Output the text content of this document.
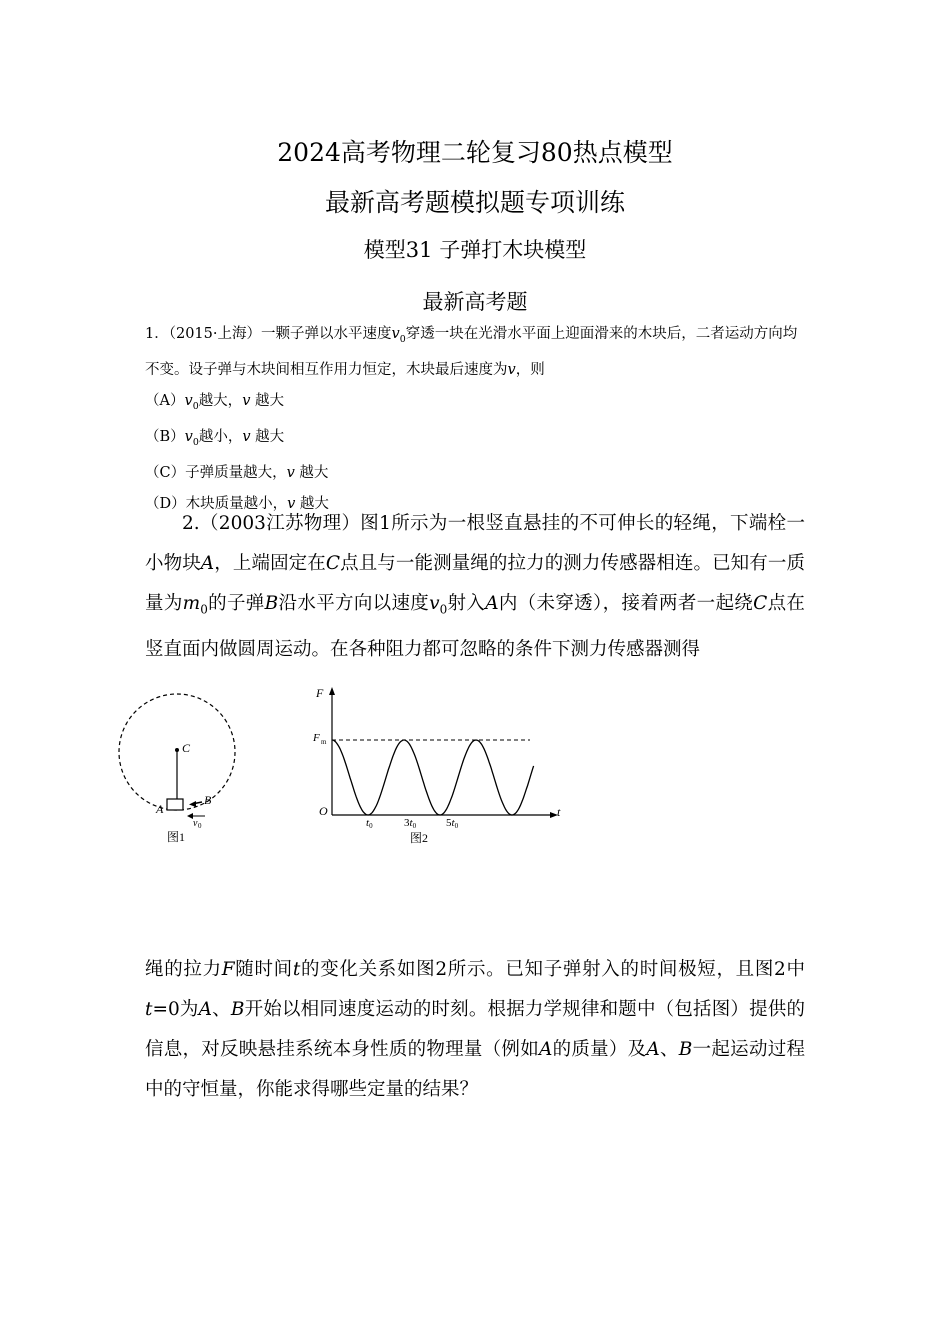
2024高考物理二轮复习80热点模型
最新高考题模拟题专项训练
模型31 子弹打木块模型
最新高考题

1．（2015·上海）一颗子弹以水平速度$v_0$穿透一块在光滑水平面上迎面滑来的木块后，二者运动方向均不变。设子弹与木块间相互作用力恒定，木块最后速度为v，则

$(A)v_0$越大，v 越大

$(B)v_0$越小，v 越大

（C）子弹质量越大，v 越大

（D）木块质量越小，v 越大

2.（2003江苏物理）图1所示为一根竖直悬挂的不可伸长的轻绳，下端栓一小物块A，上端固定在C点且与一能测量绳的拉力的测力传感器相连。已知有一质量为$m_0$的子弹B沿水平方向以速度$v_0$射入A内（未穿透），接着两者一起绕C点在竖直面内做圆周运动。在各种阻力都可忽略的条件下测力传感器测得

C
A
B
v 0
图1
F
t
F m
O
t0	3t0	5t0
图2

绳的拉力F随时间t的变化关系如图2所示。已知子弹射入的时间极短，且图2中t=0为A、B开始以相同速度运动的时刻。根据力学规律和题中（包括图）提供的信息，对反映悬挂系统本身性质的物理量（例如A的质量）及A、B一起运动过程中的守恒量，你能求得哪些定量的结果？
